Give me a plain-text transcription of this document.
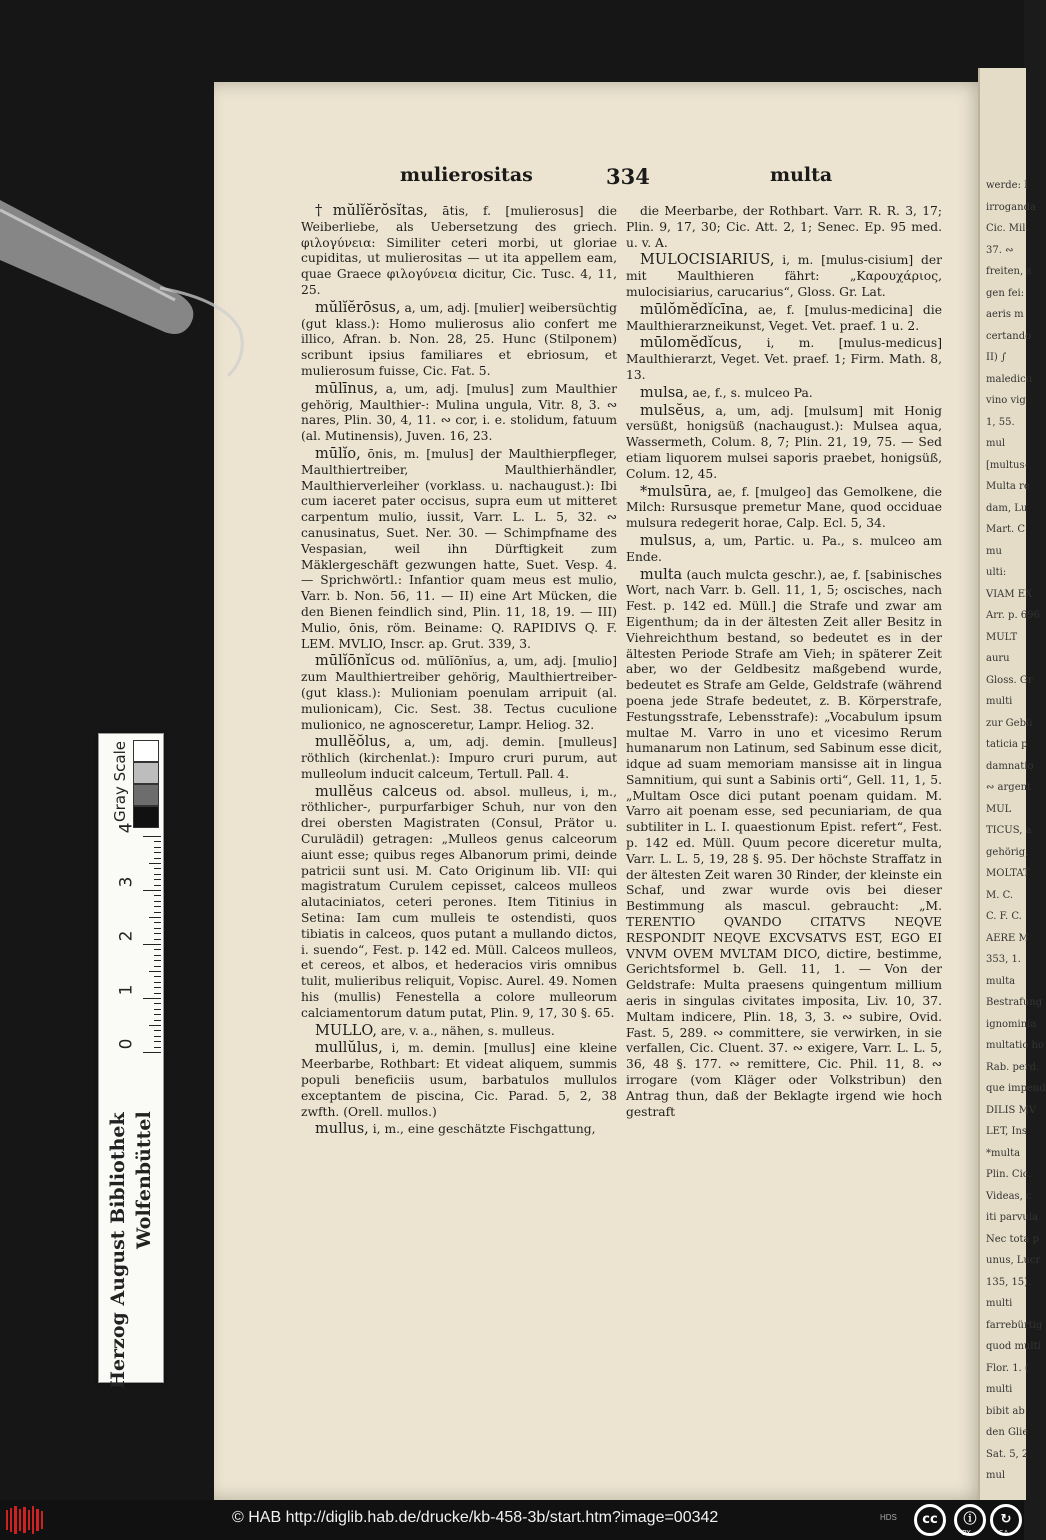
werde: I
irroganda
Cic. Mil.
37. ∾
freiten, s
gen fei:
aeris m
certando
II) ∫
maledicu
vino vig
1, 55.
mul
[multus-
Multa re
dam, Lu
Mart. C
mu
ulti:
VIAM EX
Arr. p. 696
MULT
auru
Gloss. Gr
multi
zur Gebü
taticia p
damnatio
∾ argent
MUL
TICUS, a
gehörig,
MOLTAT
M. C.
C. F. C.
AERE M
353, 1.
multa
Bestrafung
ignominia
multatio ho
Rab. perd.
que impend
DILIS MV
LET, Ins
*multa
Plin. Cic.
Videas, c
iti parvula
Nec tota p
unus, Lucr
135, 15).
multi
farrebürtig
quod multi
Flor. 1. (
multi
bibit ab
den Glie
Sat. 5, 2
mul
mulierositas	334	multa

†mŭlĭĕrŏsĭtas, ātis, f. [mulierosus] die Weiberliebe, als Uebersetzung des griech. φιλογύνεια: Similiter ceteri morbi, ut gloriae cupiditas, ut mulierositas — ut ita appellem eam, quae Graece φιλογύνεια dicitur, Cic. Tusc. 4, 11, 25.

mŭlĭĕrōsus, a, um, adj. [mulier] weibersüchtig (gut klass.): Homo mulierosus alio confert me illico, Afran. b. Non. 28, 25. Hunc (Stilponem) scribunt ipsius familiares et ebriosum, et mulierosum fuisse, Cic. Fat. 5.

mūlīnus, a, um, adj. [mulus] zum Maulthier gehörig, Maulthier-: Mulina ungula, Vitr. 8, 3. ∾ nares, Plin. 30, 4, 11. ∾ cor, i. e. stolidum, fatuum (al. Mutinensis), Juven. 16, 23.

mūlĭo, ōnis, m. [mulus] der Maulthierpfleger, Maulthiertreiber, Maulthierhändler, Maulthierverleiher (vorklass. u. nachaugust.): Ibi cum iaceret pater occisus, supra eum ut mitteret carpentum mulio, iussit, Varr. L. L. 5, 32. ∾ canusinatus, Suet. Ner. 30. — Schimpfname des Vespasian, weil ihn Dürftigkeit zum Mäklergeschäft gezwungen hatte, Suet. Vesp. 4. — Sprichwörtl.: Infantior quam meus est mulio, Varr. b. Non. 56, 11. — II) eine Art Mücken, die den Bienen feindlich sind, Plin. 11, 18, 19. — III) Mulio, ōnis, röm. Beiname: Q. RAPIDIVS Q. F. LEM. MVLIO, Inscr. ap. Grut. 339, 3.

mūlĭōnĭcus od. mūlĭōnĭus, a, um, adj. [mulio] zum Maulthiertreiber gehörig, Maulthiertreiber- (gut klass.): Mulioniam poenulam arripuit (al. mulionicam), Cic. Sest. 38. Tectus cuculione mulionico, ne agnosceretur, Lampr. Heliog. 32.

mullĕŏlus, a, um, adj. demin. [mulleus] röthlich (kirchenlat.): Impuro cruri purum, aut mulleolum inducit calceum, Tertull. Pall. 4.

mullĕus calceus od. absol. mulleus, i, m., röthlicher-, purpurfarbiger Schuh, nur von den drei obersten Magistraten (Consul, Prätor u. Curulädil) getragen: „Mulleos genus calceorum aiunt esse; quibus reges Albanorum primi, deinde patricii sunt usi. M. Cato Originum lib. VII: qui magistratum Curulem cepisset, calceos mulleos alutaciniatos, ceteri perones. Item Titinius in Setina: Iam cum mulleis te ostendisti, quos tibiatis in calceos, quos putant a mullando dictos, i. suendo“, Fest. p. 142 ed. Müll. Calceos mulleos, et cereos, et albos, et hederacios viris omnibus tulit, mulieribus reliquit, Vopisc. Aurel. 49. Nomen his (mullis) Fenestella a colore mulleorum calciamentorum datum putat, Plin. 9, 17, 30 §. 65.

MULLO, are, v. a., nähen, s. mulleus.

mullŭlus, i, m. demin. [mullus] eine kleine Meerbarbe, Rothbart: Et videat aliquem, summis populi beneficiis usum, barbatulos mullulos exceptantem de piscina, Cic. Parad. 5, 2, 38 zwfth. (Orell. mullos.)

mullus, i, m., eine geschätzte Fischgattung,

die Meerbarbe, der Rothbart. Varr. R. R. 3, 17; Plin. 9, 17, 30; Cic. Att. 2, 1; Senec. Ep. 95 med. u. v. A.

MULOCISIARIUS, i, m. [mulus-cisium] der mit Maulthieren fährt: „Καρουχάριος, mulocisiarius, carucarius“, Gloss. Gr. Lat.

mūlŏmĕdĭcīna, ae, f. [mulus-medicina] die Maulthierarzneikunst, Veget. Vet. praef. 1 u. 2.

mūlomĕdĭcus, i, m. [mulus-medicus] Maulthierarzt, Veget. Vet. praef. 1; Firm. Math. 8, 13.

mulsa, ae, f., s. mulceo Pa.

mulsĕus, a, um, adj. [mulsum] mit Honig versüßt, honigsüß (nachaugust.): Mulsea aqua, Wassermeth, Colum. 8, 7; Plin. 21, 19, 75. — Sed etiam liquorem mulsei saporis praebet, honigsüß, Colum. 12, 45.

*mulsūra, ae, f. [mulgeo] das Gemolkene, die Milch: Rursusque premetur Mane, quod occiduae mulsura redegerit horae, Calp. Ecl. 5, 34.

mulsus, a, um, Partic. u. Pa., s. mulceo am Ende.

multa (auch mulcta geschr.), ae, f. [sabinisches Wort, nach Varr. b. Gell. 11, 1, 5; oscisches, nach Fest. p. 142 ed. Müll.] die Strafe und zwar am Eigenthum; da in der ältesten Zeit aller Besitz in Viehreichthum bestand, so bedeutet es in der ältesten Periode Strafe am Vieh; in späterer Zeit aber, wo der Geldbesitz maßgebend wurde, bedeutet es Strafe am Gelde, Geldstrafe (während poena jede Strafe bedeutet, z. B. Körperstrafe, Festungsstrafe, Lebensstrafe): „Vocabulum ipsum multae M. Varro in uno et vicesimo Rerum humanarum non Latinum, sed Sabinum esse dicit, idque ad suam memoriam mansisse ait in lingua Samnitium, qui sunt a Sabinis orti“, Gell. 11, 1, 5. „Multam Osce dici putant poenam quidam. M. Varro ait poenam esse, sed pecuniariam, de qua subtiliter in L. I. quaestionum Epist. refert“, Fest. p. 142 ed. Müll. Quum pecore diceretur multa, Varr. L. L. 5, 19, 28 §. 95. Der höchste Straffatz in der ältesten Zeit waren 30 Rinder, der kleinste ein Schaf, und zwar wurde ovis bei dieser Bestimmung als mascul. gebraucht: „M. TERENTIO QVANDO CITATVS NEQVE RESPONDIT NEQVE EXCVSATVS EST, EGO EI VNVM OVEM MVLTAM DICO, dictire, bestimme, Gerichtsformel b. Gell. 11, 1. — Von der Geldstrafe: Multa praesens quingentum millium aeris in singulas civitates imposita, Liv. 10, 37. Multam indicere, Plin. 18, 3, 3. ∾ subire, Ovid. Fast. 5, 289. ∾ committere, sie verwirken, in sie verfallen, Cic. Cluent. 37. ∾ exigere, Varr. L. L. 5, 36, 48 §. 177. ∾ remittere, Cic. Phil. 11, 8. ∾ irrogare (vom Kläger oder Volkstribun) den Antrag thun, daß der Beklagte irgend wie hoch gestraft

Herzog August Bibliothek Wolfenbüttel
Gray Scale
0
1
2
3
4
© HAB http://diglib.hab.de/drucke/kb-458-3b/start.htm?image=00342	HDS	cc	ⓘ	↻
BY	SA
